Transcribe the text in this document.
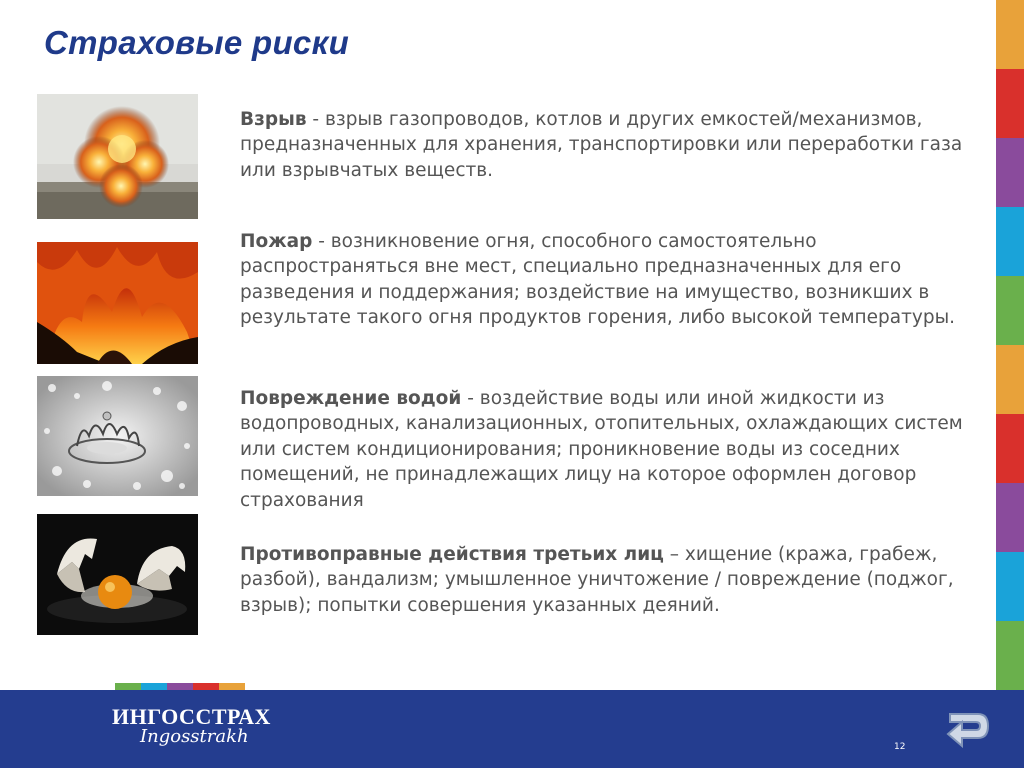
Страховые риски
Взрыв - взрыв газопроводов, котлов и других емкостей/механизмов, предназначенных для хранения, транспортировки или переработки газа или взрывчатых веществ.
Пожар - возникновение огня, способного самостоятельно распространяться вне мест, специально предназначенных для его разведения и поддержания; воздействие на имущество, возникших в результате такого огня продуктов горения, либо высокой температуры.
Повреждение водой - воздействие воды или иной жидкости из водопроводных, канализационных, отопительных, охлаждающих систем или систем кондиционирования; проникновение воды из соседних помещений, не принадлежащих лицу на которое оформлен договор страхования
Противоправные действия третьих лиц – хищение (кража, грабеж, разбой), вандализм; умышленное уничтожение / повреждение (поджог, взрыв); попытки совершения указанных деяний.
ИНГОССТРАХ
Ingosstrakh	12
